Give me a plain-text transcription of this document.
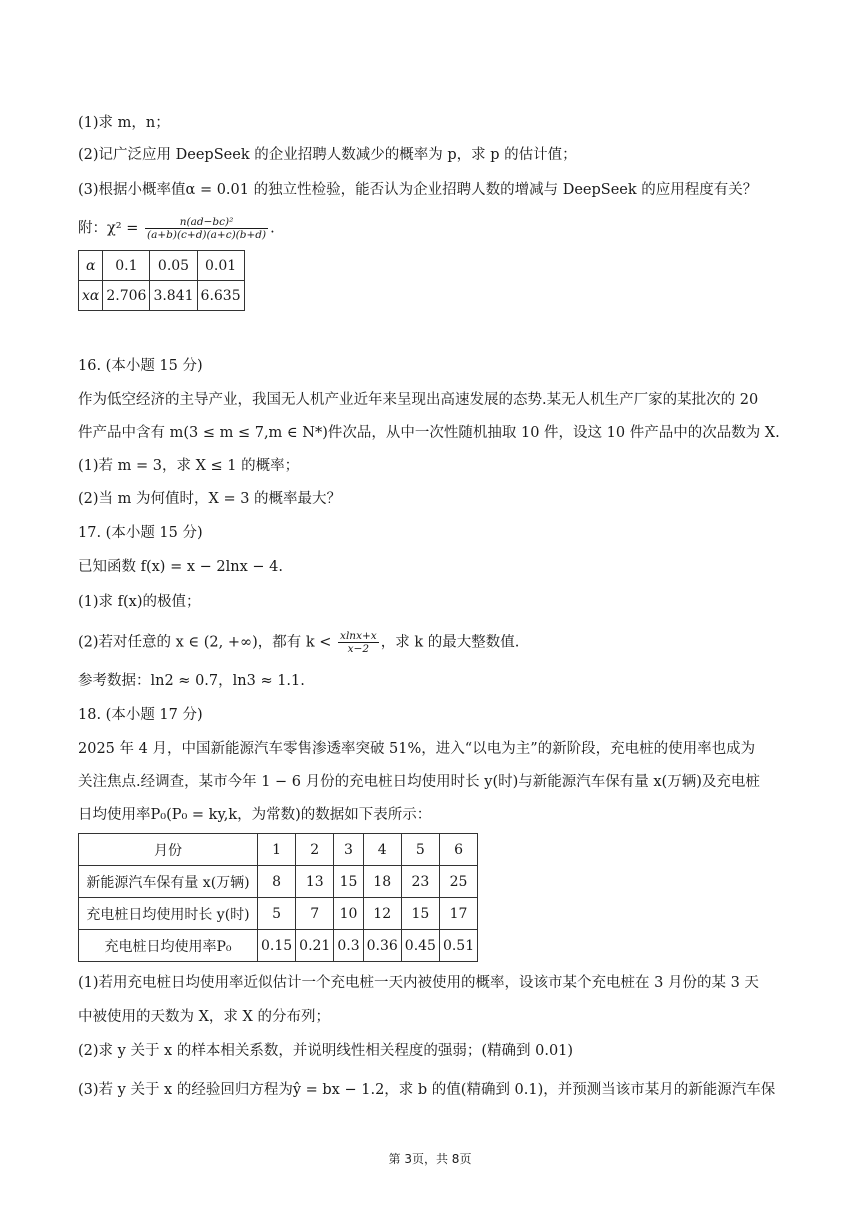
(1)求 m，n；
(2)记广泛应用 DeepSeek 的企业招聘人数减少的概率为 p，求 p 的估计值；
(3)根据小概率值α = 0.01 的独立性检验，能否认为企业招聘人数的增减与 DeepSeek 的应用程度有关？
附：$\chi^2 = \frac{\text{n(ad−bc)²}}{(a+b)(c+d)(a+c)(b+d)}$ .
α	0.1	0.05	0.01
xα	2.706	3.841	6.635
16. (本小题 15 分)
作为低空经济的主导产业，我国无人机产业近年来呈现出高速发展的态势.某无人机生产厂家的某批次的 20
件产品中含有 m(3 ≤ m ≤ 7,m ∈ N*)件次品，从中一次性随机抽取 10 件，设这 10 件产品中的次品数为 X.
(1)若 m = 3，求 X ≤ 1 的概率；
(2)当 m 为何值时，X = 3 的概率最大？
17. (本小题 15 分)
已知函数 f(x) = x − 2lnx − 4.
(1)求 f(x)的极值；
(2)若对任意的 x ∈ (2, +∞)，都有 $k < \frac{xlnx+x}{x-2}$ ，求 k 的最大整数值.
参考数据：ln2 ≈ 0.7，ln3 ≈ 1.1.
18. (本小题 17 分)
2025 年 4 月，中国新能源汽车零售渗透率突破 51%，进入“以电为主”的新阶段，充电桩的使用率也成为
关注焦点.经调查，某市今年 1 − 6 月份的充电桩日均使用时长 y(时)与新能源汽车保有量 x(万辆)及充电桩
日均使用率P₀(P₀ = ky,k，为常数)的数据如下表所示：
月份	1	2	3	4	5	6
新能源汽车保有量 x(万辆)	8	13	15	18	23	25
充电桩日均使用时长 y(时)	5	7	10	12	15	17
充电桩日均使用率P₀	0.15	0.21	0.3	0.36	0.45	0.51
(1)若用充电桩日均使用率近似估计一个充电桩一天内被使用的概率，设该市某个充电桩在 3 月份的某 3 天
中被使用的天数为 X，求 X 的分布列；
(2)求 y 关于 x 的样本相关系数，并说明线性相关程度的强弱；(精确到 0.01)
(3)若 y 关于 x 的经验回归方程为ŷ = bx − 1.2，求 b 的值(精确到 0.1)，并预测当该市某月的新能源汽车保
第 3页，共 8页
